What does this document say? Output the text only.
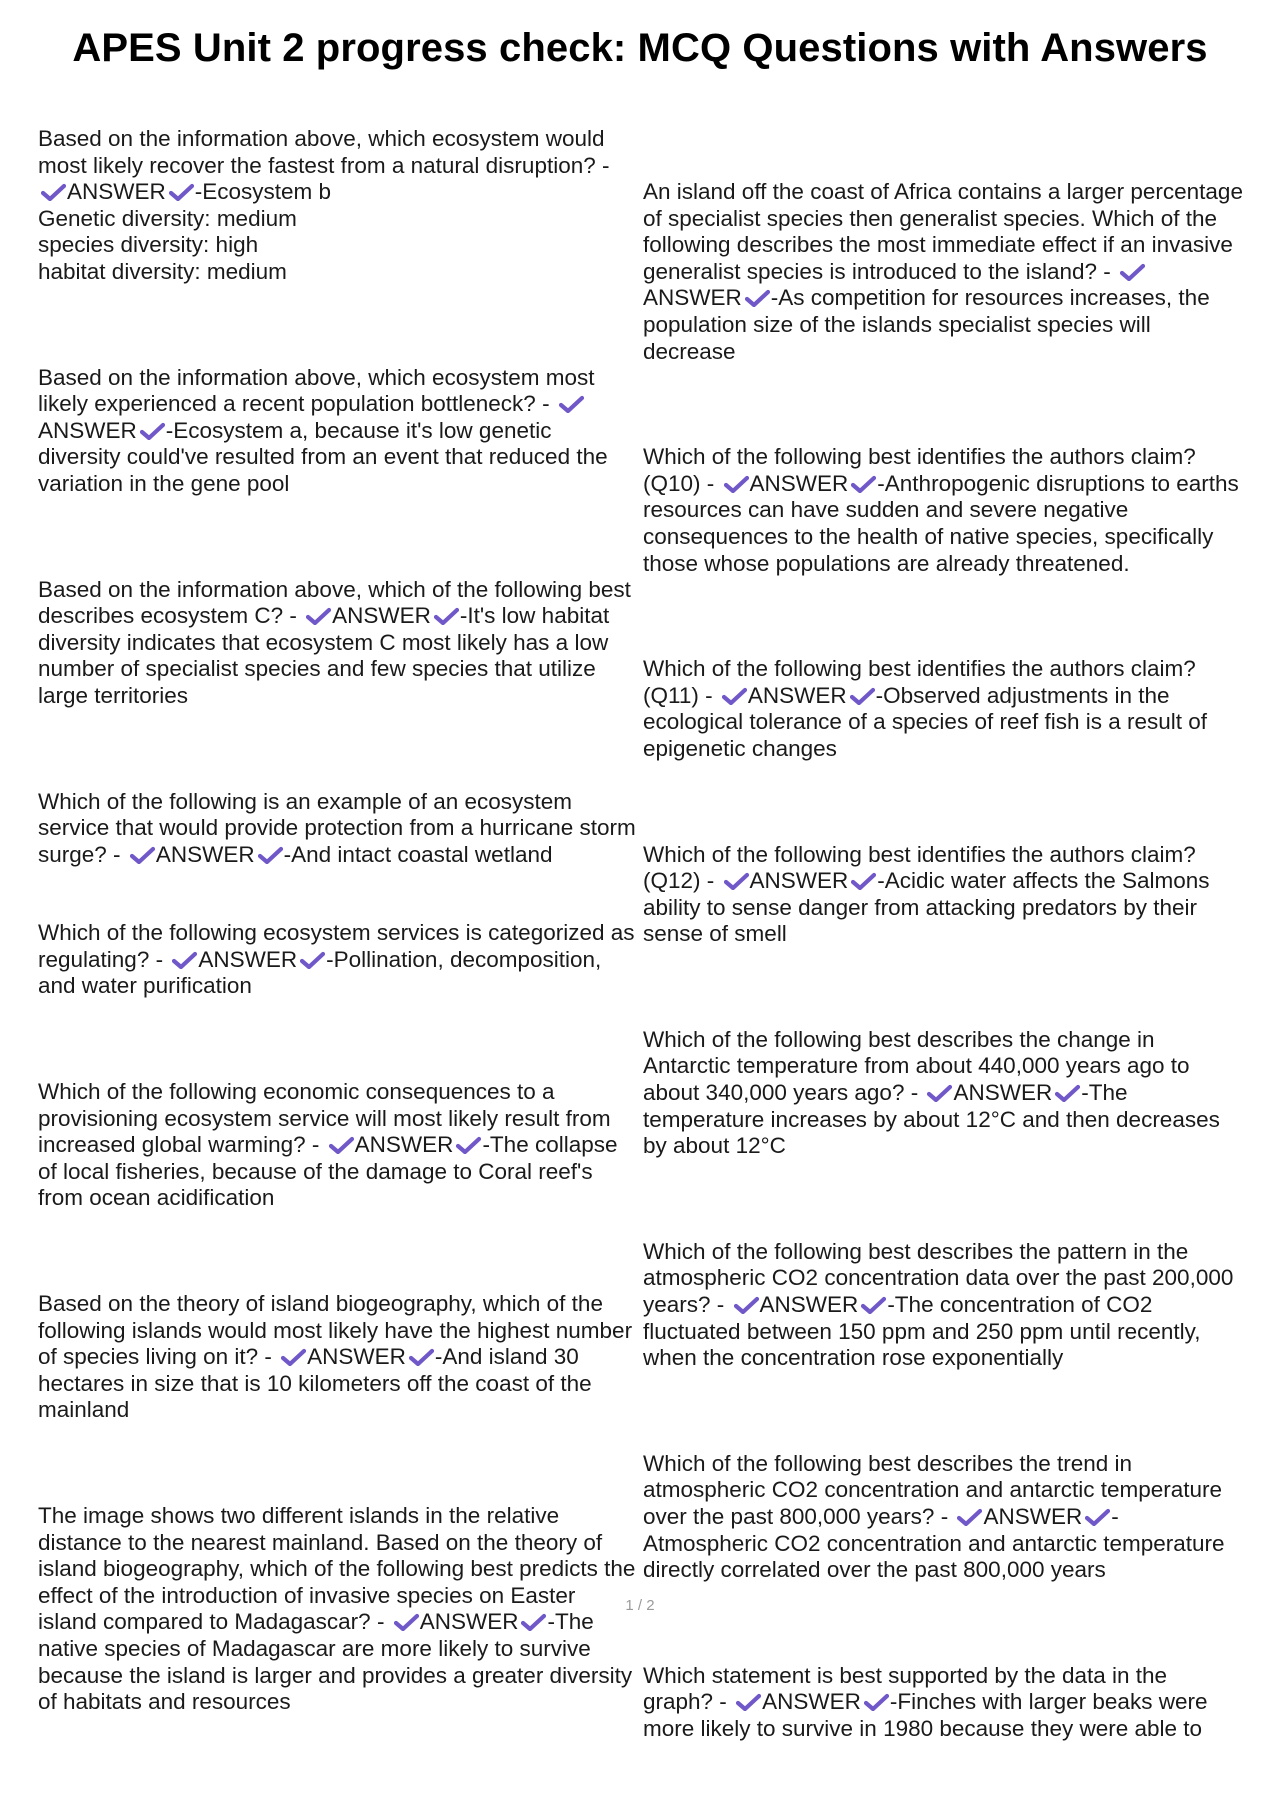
APES Unit 2 progress check: MCQ Questions with Answers
Based on the information above, which ecosystem would most likely recover the fastest from a natural disruption? -
ANSWER -Ecosystem b
Genetic diversity: medium
species diversity: high
habitat diversity: medium
Based on the information above, which ecosystem most likely experienced a recent population bottleneck? -
ANSWER -Ecosystem a, because it's low genetic diversity could've resulted from an event that reduced the variation in the gene pool
Based on the information above, which of the following best describes ecosystem C? - ANSWER -It's low habitat diversity indicates that ecosystem C most likely has a low number of specialist species and few species that utilize large territories
Which of the following is an example of an ecosystem service that would provide protection from a hurricane storm surge? - ANSWER -And intact coastal wetland
Which of the following ecosystem services is categorized as regulating? - ANSWER -Pollination, decomposition, and water purification
Which of the following economic consequences to a provisioning ecosystem service will most likely result from increased global warming? - ANSWER -The collapse of local fisheries, because of the damage to Coral reef's from ocean acidification
Based on the theory of island biogeography, which of the following islands would most likely have the highest number of species living on it? - ANSWER -And island 30 hectares in size that is 10 kilometers off the coast of the mainland
The image shows two different islands in the relative distance to the nearest mainland. Based on the theory of island biogeography, which of the following best predicts the effect of the introduction of invasive species on Easter island compared to Madagascar? - ANSWER -The native species of Madagascar are more likely to survive because the island is larger and provides a greater diversity of habitats and resources
An island off the coast of Africa contains a larger percentage of specialist species then generalist species. Which of the following describes the most immediate effect if an invasive generalist species is introduced to the island? -
ANSWER -As competition for resources increases, the population size of the islands specialist species will decrease
Which of the following best identifies the authors claim? (Q10) - ANSWER -Anthropogenic disruptions to earths resources can have sudden and severe negative consequences to the health of native species, specifically those whose populations are already threatened.
Which of the following best identifies the authors claim? (Q11) - ANSWER -Observed adjustments in the ecological tolerance of a species of reef fish is a result of epigenetic changes
Which of the following best identifies the authors claim? (Q12) - ANSWER -Acidic water affects the Salmons ability to sense danger from attacking predators by their sense of smell
Which of the following best describes the change in Antarctic temperature from about 440,000 years ago to about 340,000 years ago? - ANSWER -The temperature increases by about 12°C and then decreases by about 12°C
Which of the following best describes the pattern in the atmospheric CO2 concentration data over the past 200,000 years? - ANSWER -The concentration of CO2 fluctuated between 150 ppm and 250 ppm until recently, when the concentration rose exponentially
Which of the following best describes the trend in atmospheric CO2 concentration and antarctic temperature over the past 800,000 years? - ANSWER -Atmospheric CO2 concentration and antarctic temperature directly correlated over the past 800,000 years
Which statement is best supported by the data in the graph? - ANSWER -Finches with larger beaks were more likely to survive in 1980 because they were able to
1 / 2
